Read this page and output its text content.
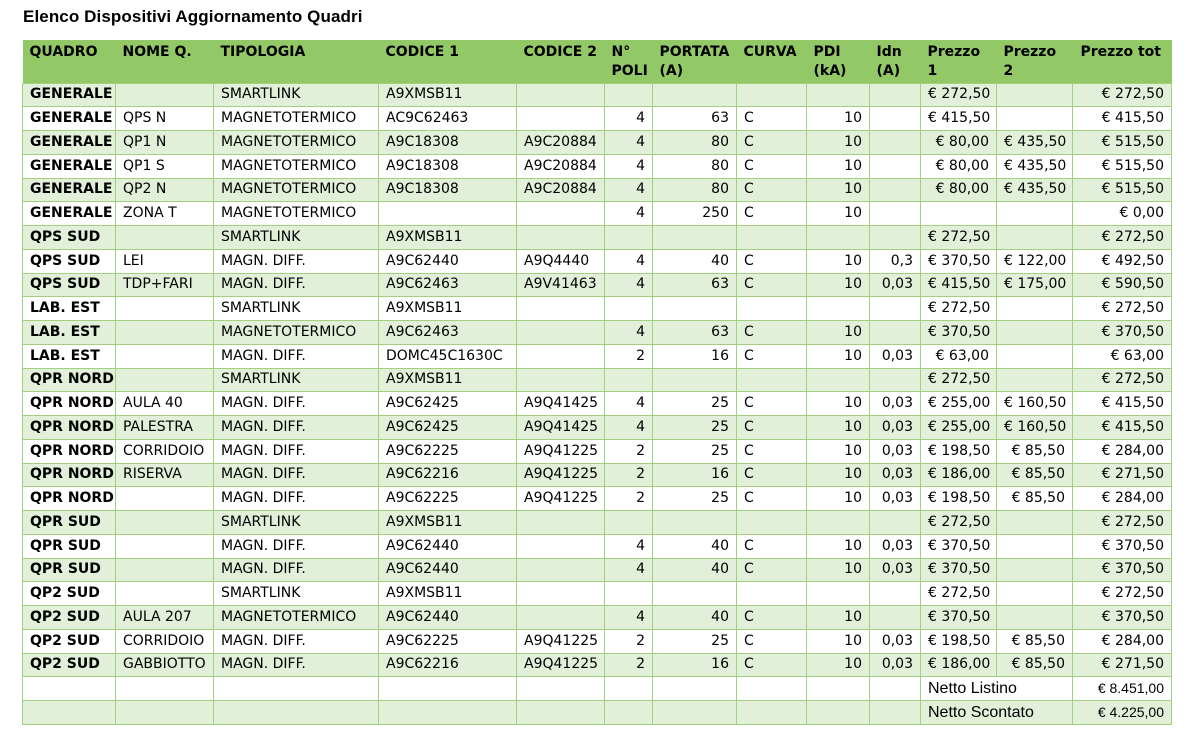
Elenco Dispositivi Aggiornamento Quadri
QUADRO	NOME Q.	TIPOLOGIA	CODICE 1	CODICE 2	N° POLI	PORTATA (A)	CURVA	PDI (kA)	Idn (A)	Prezzo 1	Prezzo 2	Prezzo tot
GENERALE		SMARTLINK	A9XMSB11							€ 272,50		€ 272,50
GENERALE	QPS N	MAGNETOTERMICO	AC9C62463		4	63	C	10		€ 415,50		€ 415,50
GENERALE	QP1 N	MAGNETOTERMICO	A9C18308	A9C20884	4	80	C	10		€ 80,00	€ 435,50	€ 515,50
GENERALE	QP1 S	MAGNETOTERMICO	A9C18308	A9C20884	4	80	C	10		€ 80,00	€ 435,50	€ 515,50
GENERALE	QP2 N	MAGNETOTERMICO	A9C18308	A9C20884	4	80	C	10		€ 80,00	€ 435,50	€ 515,50
GENERALE	ZONA T	MAGNETOTERMICO			4	250	C	10				€ 0,00
QPS SUD		SMARTLINK	A9XMSB11							€ 272,50		€ 272,50
QPS SUD	LEI	MAGN. DIFF.	A9C62440	A9Q4440	4	40	C	10	0,3	€ 370,50	€ 122,00	€ 492,50
QPS SUD	TDP+FARI	MAGN. DIFF.	A9C62463	A9V41463	4	63	C	10	0,03	€ 415,50	€ 175,00	€ 590,50
LAB. EST		SMARTLINK	A9XMSB11							€ 272,50		€ 272,50
LAB. EST		MAGNETOTERMICO	A9C62463		4	63	C	10		€ 370,50		€ 370,50
LAB. EST		MAGN. DIFF.	DOMC45C1630C		2	16	C	10	0,03	€ 63,00		€ 63,00
QPR NORD		SMARTLINK	A9XMSB11							€ 272,50		€ 272,50
QPR NORD	AULA 40	MAGN. DIFF.	A9C62425	A9Q41425	4	25	C	10	0,03	€ 255,00	€ 160,50	€ 415,50
QPR NORD	PALESTRA	MAGN. DIFF.	A9C62425	A9Q41425	4	25	C	10	0,03	€ 255,00	€ 160,50	€ 415,50
QPR NORD	CORRIDOIO	MAGN. DIFF.	A9C62225	A9Q41225	2	25	C	10	0,03	€ 198,50	€ 85,50	€ 284,00
QPR NORD	RISERVA	MAGN. DIFF.	A9C62216	A9Q41225	2	16	C	10	0,03	€ 186,00	€ 85,50	€ 271,50
QPR NORD		MAGN. DIFF.	A9C62225	A9Q41225	2	25	C	10	0,03	€ 198,50	€ 85,50	€ 284,00
QPR SUD		SMARTLINK	A9XMSB11							€ 272,50		€ 272,50
QPR SUD		MAGN. DIFF.	A9C62440		4	40	C	10	0,03	€ 370,50		€ 370,50
QPR SUD		MAGN. DIFF.	A9C62440		4	40	C	10	0,03	€ 370,50		€ 370,50
QP2 SUD		SMARTLINK	A9XMSB11							€ 272,50		€ 272,50
QP2 SUD	AULA 207	MAGNETOTERMICO	A9C62440		4	40	C	10		€ 370,50		€ 370,50
QP2 SUD	CORRIDOIO	MAGN. DIFF.	A9C62225	A9Q41225	2	25	C	10	0,03	€ 198,50	€ 85,50	€ 284,00
QP2 SUD	GABBIOTTO	MAGN. DIFF.	A9C62216	A9Q41225	2	16	C	10	0,03	€ 186,00	€ 85,50	€ 271,50
										Netto Listino		€ 8.451,00
										Netto Scontato		€ 4.225,00
